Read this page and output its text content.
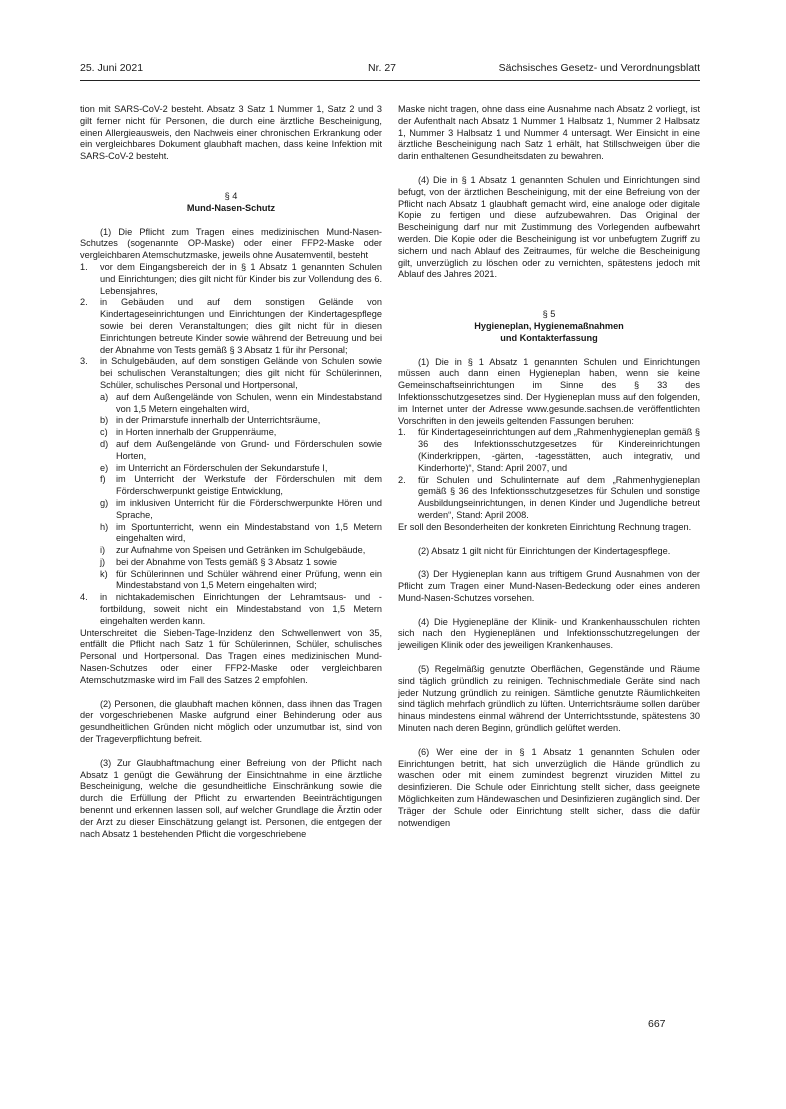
25. Juni 2021	Nr. 27	Sächsisches Gesetz- und Verordnungsblatt

tion mit SARS-CoV-2 besteht. Absatz 3 Satz 1 Nummer 1, Satz 2 und 3 gilt ferner nicht für Personen, die durch eine ärztliche Bescheinigung, einen Allergieausweis, den Nachweis einer chronischen Erkrankung oder ein vergleichbares Dokument glaubhaft machen, dass keine Infektion mit SARS-CoV-2 besteht.

§ 4

Mund-Nasen-Schutz

(1) Die Pflicht zum Tragen eines medizinischen Mund-Nasen-Schutzes (sogenannte OP-Maske) oder einer FFP2-Maske oder vergleichbaren Atemschutzmaske, jeweils ohne Ausatemventil, besteht

1.	vor dem Eingangsbereich der in § 1 Absatz 1 genannten Schulen und Einrichtungen; dies gilt nicht für Kinder bis zur Vollendung des 6. Lebensjahres,
2.	in Gebäuden und auf dem sonstigen Gelände von Kindertageseinrichtungen und Einrichtungen der Kindertagespflege sowie bei deren Veranstaltungen; dies gilt nicht für in diesen Einrichtungen betreute Kinder sowie während der Betreuung und bei der Abnahme von Tests gemäß § 3 Absatz 1 für ihr Personal;
3.	in Schulgebäuden, auf dem sonstigen Gelände von Schulen sowie bei schulischen Veranstaltungen; dies gilt nicht für Schülerinnen, Schüler, schulisches Personal und Hortpersonal,
a) auf dem Außengelände von Schulen, wenn ein Mindestabstand von 1,5 Metern eingehalten wird,
b) in der Primarstufe innerhalb der Unterrichtsräume,
c) in Horten innerhalb der Gruppenräume,
d) auf dem Außengelände von Grund- und Förderschulen sowie Horten,
e) im Unterricht an Förderschulen der Sekundarstufe I,
f)	im Unterricht der Werkstufe der Förderschulen mit dem Förderschwerpunkt geistige Entwicklung,
g) im inklusiven Unterricht für die Förderschwerpunkte Hören und Sprache,
h) im Sportunterricht, wenn ein Mindestabstand von 1,5 Metern eingehalten wird,
i)	zur Aufnahme von Speisen und Getränken im Schulgebäude,
j)	bei der Abnahme von Tests gemäß § 3 Absatz 1 sowie
k) für Schülerinnen und Schüler während einer Prüfung, wenn ein Mindestabstand von 1,5 Metern eingehalten wird;
4.	in nichtakademischen Einrichtungen der Lehramtsaus- und -fortbildung, soweit nicht ein Mindestabstand von 1,5 Metern eingehalten werden kann.

Unterschreitet die Sieben-Tage-Inzidenz den Schwellenwert von 35, entfällt die Pflicht nach Satz 1 für Schülerinnen, Schüler, schulisches Personal und Hortpersonal. Das Tragen eines medizinischen Mund-Nasen-Schutzes oder einer FFP2-Maske oder vergleichbaren Atemschutzmaske wird im Fall des Satzes 2 empfohlen.

(2) Personen, die glaubhaft machen können, dass ihnen das Tragen der vorgeschriebenen Maske aufgrund einer Behinderung oder aus gesundheitlichen Gründen nicht möglich oder unzumutbar ist, sind von der Trageverpflichtung befreit.

(3) Zur Glaubhaftmachung einer Befreiung von der Pflicht nach Absatz 1 genügt die Gewährung der Einsichtnahme in eine ärztliche Bescheinigung, welche die gesundheitliche Einschränkung sowie die durch die Erfüllung der Pflicht zu erwartenden Beeinträchtigungen benennt und erkennen lassen soll, auf welcher Grundlage die Ärztin oder der Arzt zu dieser Einschätzung gelangt ist. Personen, die entgegen der nach Absatz 1 bestehenden Pflicht die vorgeschriebene

Maske nicht tragen, ohne dass eine Ausnahme nach Absatz 2 vorliegt, ist der Aufenthalt nach Absatz 1 Nummer 1 Halbsatz 1, Nummer 2 Halbsatz 1, Nummer 3 Halbsatz 1 und Nummer 4 untersagt. Wer Einsicht in eine ärztliche Bescheinigung nach Satz 1 erhält, hat Stillschweigen über die darin enthaltenen Gesundheitsdaten zu bewahren.

(4) Die in § 1 Absatz 1 genannten Schulen und Einrichtungen sind befugt, von der ärztlichen Bescheinigung, mit der eine Befreiung von der Pflicht nach Absatz 1 glaubhaft gemacht wird, eine analoge oder digitale Kopie zu fertigen und diese aufzubewahren. Das Original der Bescheinigung darf nur mit Zustimmung des Vorlegenden aufbewahrt werden. Die Kopie oder die Bescheinigung ist vor unbefugtem Zugriff zu sichern und nach Ablauf des Zeitraumes, für welche die Bescheinigung gilt, unverzüglich zu löschen oder zu vernichten, spätestens jedoch mit Ablauf des Jahres 2021.

§ 5

Hygieneplan, Hygienemaßnahmen

und Kontakterfassung

(1) Die in § 1 Absatz 1 genannten Schulen und Einrichtungen müssen auch dann einen Hygieneplan haben, wenn sie keine Gemeinschaftseinrichtungen im Sinne des § 33 des Infektionsschutzgesetzes sind. Der Hygieneplan muss auf den folgenden, im Internet unter der Adresse www.gesunde.sachsen.de veröffentlichten Vorschriften in den jeweils geltenden Fassungen beruhen:

1.	für Kindertageseinrichtungen auf dem „Rahmenhygieneplan gemäß § 36 des Infektionsschutzgesetzes für Kindereinrichtungen (Kinderkrippen, -gärten, -tagesstätten, auch integrativ, und Kinderhorte)“, Stand: April 2007, und
2.	für Schulen und Schulinternate auf dem „Rahmenhygieneplan gemäß § 36 des Infektionsschutzgesetzes für Schulen und sonstige Ausbildungseinrichtungen, in denen Kinder und Jugendliche betreut werden“, Stand: April 2008.

Er soll den Besonderheiten der konkreten Einrichtung Rechnung tragen.

(2) Absatz 1 gilt nicht für Einrichtungen der Kindertagespflege.

(3) Der Hygieneplan kann aus triftigem Grund Ausnahmen von der Pflicht zum Tragen einer Mund-Nasen-Bedeckung oder eines anderen Mund-Nasen-Schutzes vorsehen.

(4) Die Hygienepläne der Klinik- und Krankenhausschulen richten sich nach den Hygieneplänen und Infektionsschutzregelungen der jeweiligen Klinik oder des jeweiligen Krankenhauses.

(5) Regelmäßig genutzte Oberflächen, Gegenstände und Räume sind täglich gründlich zu reinigen. Technischmediale Geräte sind nach jeder Nutzung gründlich zu reinigen. Sämtliche genutzte Räumlichkeiten sind täglich mehrfach gründlich zu lüften. Unterrichtsräume sollen darüber hinaus mindestens einmal während der Unterrichtsstunde, spätestens 30 Minuten nach deren Beginn, gründlich gelüftet werden.

(6) Wer eine der in § 1 Absatz 1 genannten Schulen oder Einrichtungen betritt, hat sich unverzüglich die Hände gründlich zu waschen oder mit einem zumindest begrenzt viruziden Mittel zu desinfizieren. Die Schule oder Einrichtung stellt sicher, dass geeignete Möglichkeiten zum Händewaschen und Desinfizieren zugänglich sind. Der Träger der Schule oder Einrichtung stellt sicher, dass die dafür notwendigen

667
